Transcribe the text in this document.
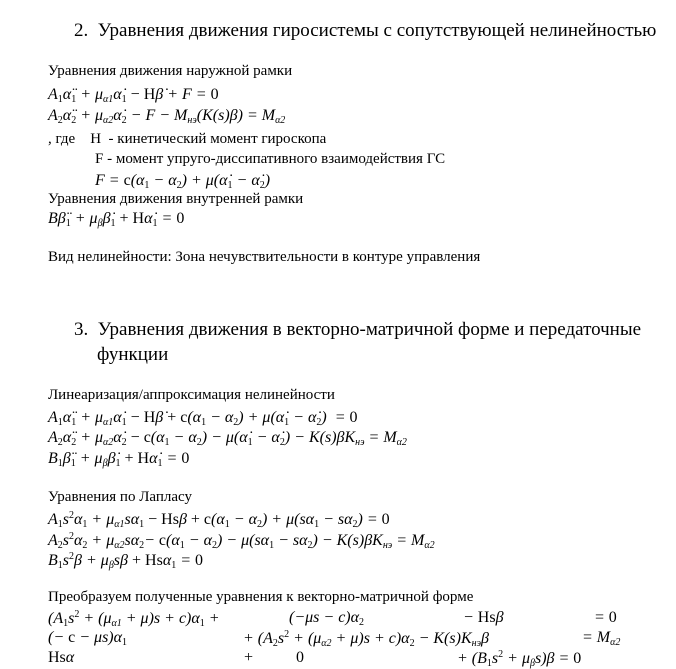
2. Уравнения движения гиросистемы с сопутствующей нелинейностью
Уравнения движения наружной рамки
$A_1\alphä_1$ + $\mu_{\alpha 1}\alphȧ_1$ − Hβ̇ + F = 0
$A_2\alphä_2$ + $\mu_{\alpha 2}\alphȧ_2 - F - M_{нэ}(K(s)\beta) = M_{\alpha 2}$
, где H  - кинетический момент гироскопа
F - момент упруго-диссипативного взаимодействия ГС
$F = c(\alpha_1 - \alpha_2)$ + $\mu(\alphȧ_1$ − $\alphȧ_2$)
Уравнения движения внутренней рамки
$B\betä_1$ + $\mu_\beta\betȧ_1$ + $H\alphȧ_1 = 0$
Вид нелинейности: Зона нечувствительности в контуре управления
3. Уравнения движения в векторно-матричной форме и передаточные
функции
Линеаризация/аппроксимация нелинейности
$A_1\alphä_1$ + $\mu_{\alpha 1}\alphȧ_1$ − Hβ̇ + $c(\alpha_1 - \alpha_2)$ + $\mu(\alphȧ_1$ − $\alphȧ_2) = 0$
$A_2\alphä_2$ + $\mu_{\alpha 2}\alphȧ_2 - c(\alpha_1 - \alpha_2)$ − $\mu(\alphȧ_1$ − $\alphȧ_2) - K(s)\beta K_{нэ} = M_{\alpha 2}$
$B_1\betä_1$ + $\mu_\beta\betȧ_1$ + $H\alphȧ_1 = 0$
Уравнения по Лапласу
$A_1s^2\alpha_1 + \mu_{\alpha 1}s\alpha_1 - Hs\beta + c(\alpha_1 - \alpha_2) + \mu(s\alpha_1 - s\alpha_2) = 0$
$A_2s^2\alpha_2 + \mu_{\alpha 2}s\alpha_2- c(\alpha_1 - \alpha_2) - \mu(s\alpha_1 - s\alpha_2) - K(s)\beta K_{нэ} = M_{\alpha 2}$
$B_1s^2\beta + \mu_\beta s\beta + Hs\alpha_1 = 0$
Преобразуем полученные уравнения к векторно-матричной форме
$(A_1s^2 + (\mu_{\alpha 1} + \mu)s + c)\alpha_1$ +	$(-\mu s - c)\alpha_2$	− Hsβ	= 0
(− $c - \mu s)\alpha_1$	+ $(A_2s^2 + (\mu_{\alpha 2} + \mu)s + c)\alpha_2 - K(s)K_{нэ}\beta$	= $M_{\alpha 2}$
Hsα	+	0	+ $(B_1s^2 + \mu_\beta s)\beta = 0$
